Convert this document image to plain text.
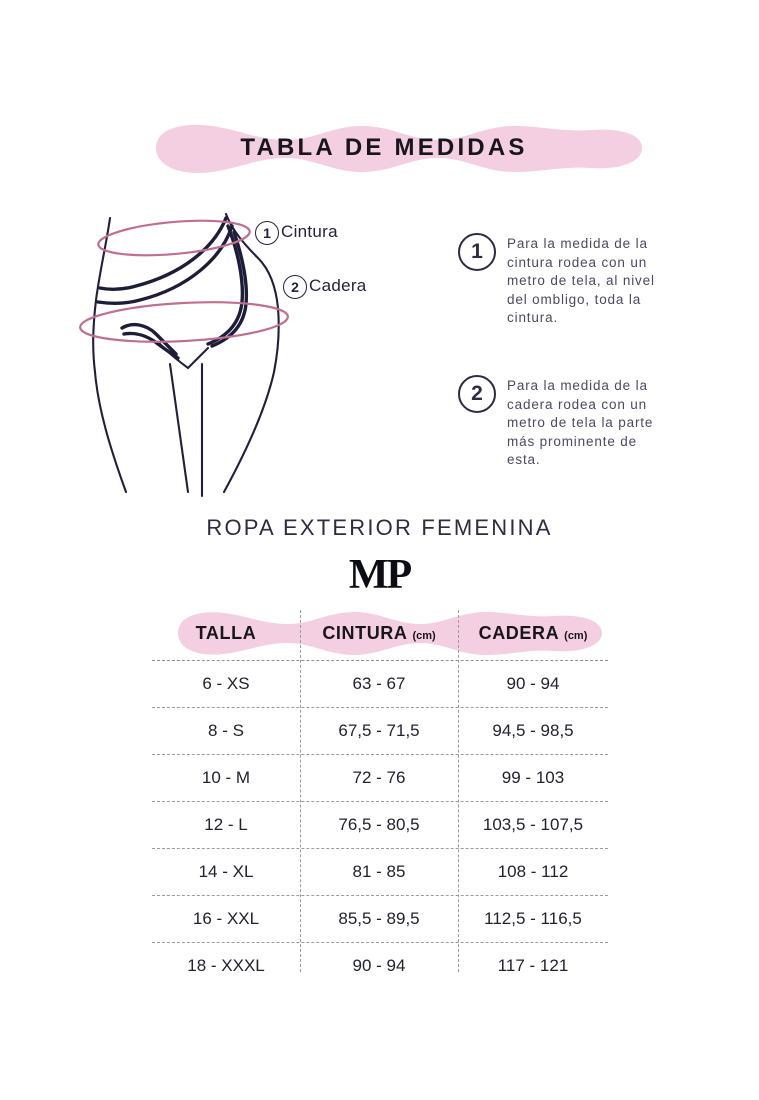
TABLA DE MEDIDAS
1 Cintura
2 Cadera
1	Para la medida de la cintura rodea con un metro de tela, al nivel del ombligo, toda la cintura.
2	Para la medida de la cadera rodea con un metro de tela la parte más prominente de esta.
ROPA EXTERIOR FEMENINA
MP
TALLA	CINTURA (cm)	CADERA (cm)
6 - XS	63 - 67	90 - 94
8 - S	67,5 - 71,5	94,5 - 98,5
10 - M	72 - 76	99 - 103
12 - L	76,5 - 80,5	103,5 - 107,5
14 - XL	81 - 85	108 - 112
16 - XXL	85,5 - 89,5	112,5 - 116,5
18 - XXXL	90 - 94	117 - 121
